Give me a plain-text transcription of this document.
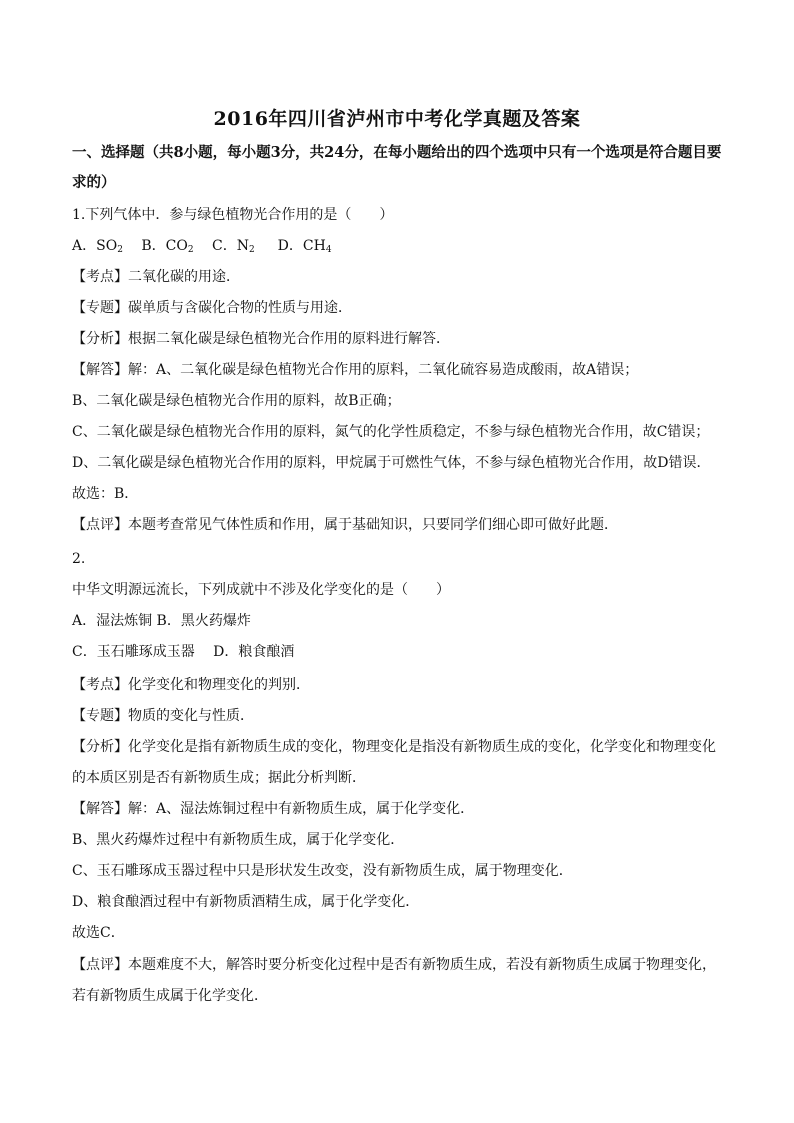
2016年四川省泸州市中考化学真题及答案
一、选择题（共8小题，每小题3分，共24分，在每小题给出的四个选项中只有一个选项是符合题目要求的）
1.下列气体中．参与绿色植物光合作用的是（　　）
A．$SO_2$ 　B．$CO_2$ 　C．$N_2$ 　 D．$CH_4$
【考点】二氧化碳的用途．
【专题】碳单质与含碳化合物的性质与用途．
【分析】根据二氧化碳是绿色植物光合作用的原料进行解答．
【解答】解：A、二氧化碳是绿色植物光合作用的原料，二氧化硫容易造成酸雨，故A错误；
B、二氧化碳是绿色植物光合作用的原料，故B正确；
C、二氧化碳是绿色植物光合作用的原料，氮气的化学性质稳定，不参与绿色植物光合作用，故C错误；
D、二氧化碳是绿色植物光合作用的原料，甲烷属于可燃性气体，不参与绿色植物光合作用，故D错误．
故选：B．
【点评】本题考查常见气体性质和作用，属于基础知识，只要同学们细心即可做好此题．
2.
中华文明源远流长，下列成就中不涉及化学变化的是（　　）
A．湿法炼铜 B．黑火药爆炸
C．玉石雕琢成玉器　 D．粮食酿酒
【考点】化学变化和物理变化的判别．
【专题】物质的变化与性质．
【分析】化学变化是指有新物质生成的变化，物理变化是指没有新物质生成的变化，化学变化和物理变化
的本质区别是否有新物质生成；据此分析判断．
【解答】解：A、湿法炼铜过程中有新物质生成，属于化学变化．
B、黑火药爆炸过程中有新物质生成，属于化学变化．
C、玉石雕琢成玉器过程中只是形状发生改变，没有新物质生成，属于物理变化．
D、粮食酿酒过程中有新物质酒精生成，属于化学变化．
故选C．
【点评】本题难度不大，解答时要分析变化过程中是否有新物质生成，若没有新物质生成属于物理变化，
若有新物质生成属于化学变化．
